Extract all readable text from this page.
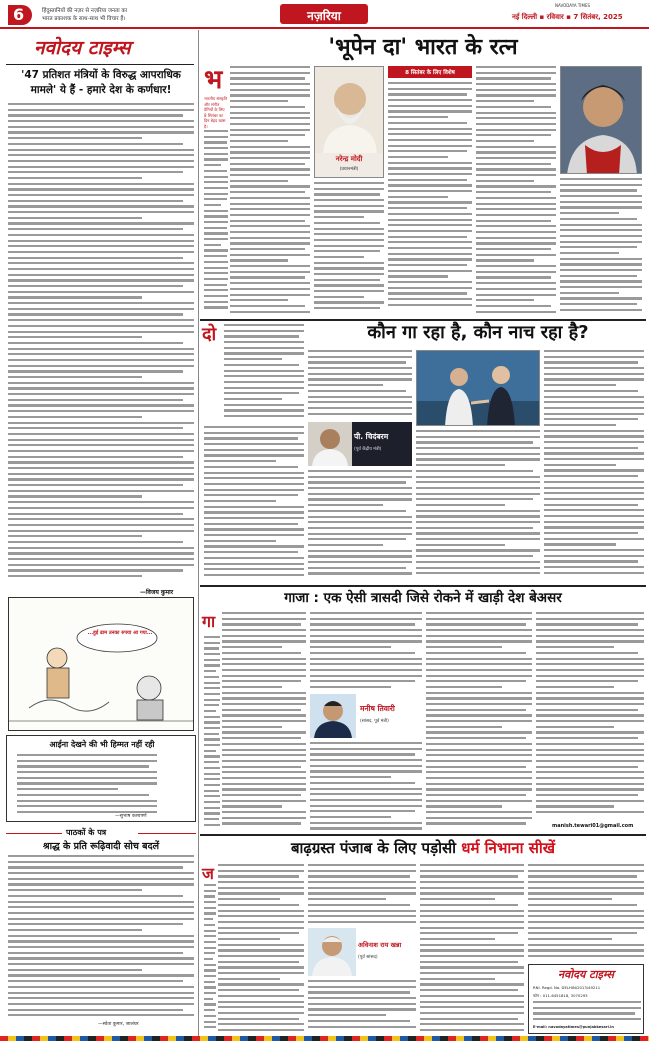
6	हिंदुस्तानियों की नज़र से नज़रिया जनता का
भारत प्रकाशक के साथ-साथ भी विचार हैं।	नज़रिया
NAVODAYA TIMES
नई दिल्ली ▪ रविवार ▪ 7 सितंबर, 2025
नवोदय टाइम्स
'47 प्रतिशत मंत्रियों के विरुद्ध आपराधिक मामले' ये हैं - हमारे देश के कर्णधार!
—विजय कुमार
...हुई ढाम उनका रुपया आ गया...
आईना देखने की भी हिम्मत नहीं रही
—सुभाष कश्यपर्ण
पाठकों के पत्र
श्राद्ध के प्रति रूढ़िवादी सोच बदलें
—स्वेता कुमार, जालंधर
'भूपेन दा' भारत के रत्न
भ
भारतीय संस्कृति और संगीत प्रेमियों के लिए 8 सितंबर का दिन बेहद खास है।
नरेन्द्र मोदी
(प्रधानमंत्री)
8 सितंबर के लिए विशेष
कौन गा रहा है, कौन नाच रहा है?
दो
पी. चिदंबरम
(पूर्व केंद्रीय मंत्री)
गाजा : एक ऐसी त्रासदी जिसे रोकने में खाड़ी देश बेअसर
गा
मनीष तिवारी
(सांसद, पूर्व मंत्री)
manish.tewari01@gmail.com
बाढ़ग्रस्त पंजाब के लिए पड़ोसी धर्म निभाना सीखें
ज
अविनाश राय खन्ना
(पूर्व सांसद)
नवोदय टाइम्स
RNI. Regd. No. DELHIN/2013/49211
फोन : 011-6451818, 3070293
E-mail: navodayatimes@punjabkesari.in
